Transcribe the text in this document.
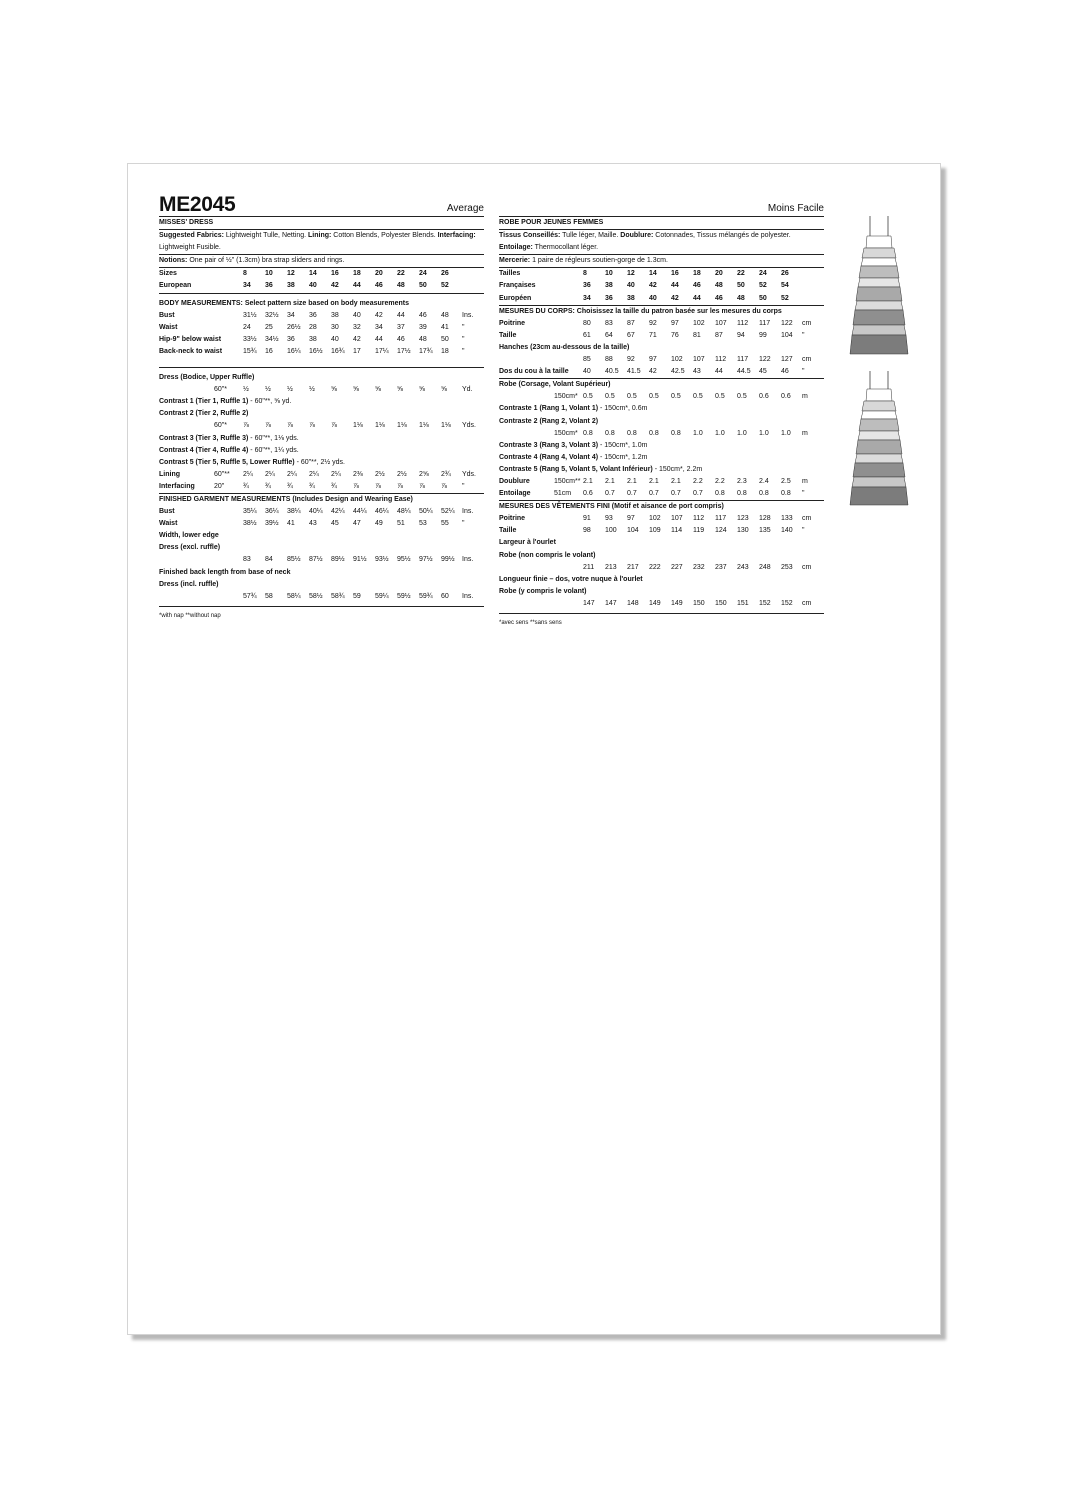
ME2045	Average
MISSES' DRESS
Suggested Fabrics: Lightweight Tulle, Netting. Lining: Cotton Blends, Polyester Blends. Interfacing: Lightweight Fusible.
Notions: One pair of ½" (1.3cm) bra strap sliders and rings.
Sizes	8	10 12 14 16 18 20 22 24 26
European	34 36 38 40 42 44 46 48 50 52
BODY MEASUREMENTS: Select pattern size based on body measurements
Bust	31½ 32½ 34 36 38 40 42 44 46 48 Ins.
Waist	24 25 26½ 28 30 32 34 37 39 41 "
Hip-9" below waist	33½ 34½ 36 38 40 42 44 46 48 50 "
Back-neck to waist	15¾ 16 16¼ 16½ 16¾ 17 17¼ 17½ 17¾ 18 "
Dress (Bodice, Upper Ruffle)
60"* ½ ½ ½ ½ ⅝ ⅝ ⅝ ⅝ ⅝ ⅝ Yd.
Contrast 1 (Tier 1, Ruffle 1) - 60"**, ⅝ yd.
Contrast 2 (Tier 2, Ruffle 2)
60"* ⅞ ⅞ ⅞ ⅞ ⅞ 1⅛ 1⅛ 1⅛ 1⅛ 1⅛ Yds.
Contrast 3 (Tier 3, Ruffle 3) - 60"**, 1⅛ yds.
Contrast 4 (Tier 4, Ruffle 4) - 60"**, 1¼ yds.
Contrast 5 (Tier 5, Ruffle 5, Lower Ruffle) - 60"**, 2½ yds.
Lining	60"** 2¼ 2¼ 2¼ 2¼ 2¼ 2⅜ 2½ 2½ 2⅝ 2¾ Yds.
Interfacing	20"	¾ ¾ ¾ ¾ ¾ ⅞ ⅞ ⅞ ⅞ ⅞ "
FINISHED GARMENT MEASUREMENTS (Includes Design and Wearing Ease)
Bust	35¼ 36¼ 38¼ 40¼ 42¼ 44¼ 46¼ 48¼ 50¼ 52¼ Ins.
Waist	38½ 39½ 41 43 45 47 49 51 53 55 "
Width, lower edge
Dress (excl. ruffle)
83 84 85½ 87½ 89½ 91½ 93½ 95½ 97½ 99½ Ins.
Finished back length from base of neck
Dress (incl. ruffle)
57¾ 58 58¼ 58½ 58¾ 59 59¼ 59½ 59¾ 60 Ins.
*with nap **without nap
Moins Facile
ROBE POUR JEUNES FEMMES
Tissus Conseillés: Tulle léger, Maille. Doublure: Cotonnades, Tissus mélangés de polyester. Entoilage: Thermocollant léger.
Mercerie: 1 paire de régleurs soutien-gorge de 1.3cm.
Tailles	8	10 12 14 16 18 20 22 24 26
Françaises	36 38 40 42 44 46 48 50 52 54
Européen	34 36 38 40 42 44 46 48 50 52
MESURES DU CORPS: Choisissez la taille du patron basée sur les mesures du corps
Poitrine	80 83 87 92 97 102 107 112 117 122 cm
Taille	61 64 67 71 76 81 87 94 99 104 "
Hanches (23cm au-dessous de la taille)
85 88 92 97 102 107 112 117 122 127 cm
Dos du cou à la taille 40 40.5 41.5 42 42.5 43 44 44.5 45 46 "
Robe (Corsage, Volant Supérieur)
150cm* 0.5 0.5 0.5 0.5 0.5 0.5 0.5 0.5 0.6 0.6 m
Contraste 1 (Rang 1, Volant 1) - 150cm*, 0.6m
Contraste 2 (Rang 2, Volant 2)
150cm* 0.8 0.8 0.8 0.8 0.8 1.0 1.0 1.0 1.0 1.0 m
Contraste 3 (Rang 3, Volant 3) - 150cm*, 1.0m
Contraste 4 (Rang 4, Volant 4) - 150cm*, 1.2m
Contraste 5 (Rang 5, Volant 5, Volant Inférieur) - 150cm*, 2.2m
Doublure	150cm** 2.1 2.1 2.1 2.1 2.1 2.2 2.2 2.3 2.4 2.5 m
Entoilage	51cm 0.6 0.7 0.7 0.7 0.7 0.7 0.8 0.8 0.8 0.8 "
MESURES DES VÊTEMENTS FINI (Motif et aisance de port compris)
Poitrine	91 93 97 102 107 112 117 123 128 133 cm
Taille	98 100 104 109 114 119 124 130 135 140 "
Largeur à l'ourlet
Robe (non compris le volant)
211 213 217 222 227 232 237 243 248 253 cm
Longueur finie – dos, votre nuque à l'ourlet
Robe (y compris le volant)
147 147 148 149 149 150 150 151 152 152 cm
*avec sens **sans sens
